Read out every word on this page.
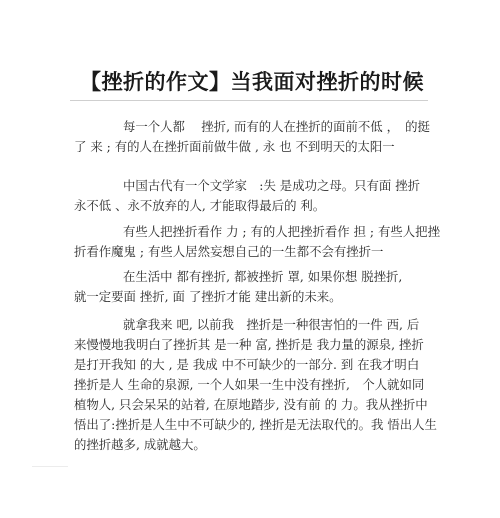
【挫折的作文】当我面对挫折的时候
每一个人都　 挫折, 而有的人在挫折的面前不低 ，　的挺
了 来 ; 有的人在挫折面前做牛做 , 永 也 不到明天的太阳一
中国古代有一个文学家　:失 是成功之母。只有面 挫折
永不低 、永不放弃的人, 才能取得最后的 利。
有些人把挫折看作 力 ; 有的人把挫折看作 担 ; 有些人把挫
折看作魔鬼 ; 有些人居然妄想自己的一生都不会有挫折一
在生活中 都有挫折, 都被挫折 罩, 如果你想 脱挫折,
就一定要面 挫折, 面 了挫折才能 建出新的未来。
就拿我来 吧, 以前我　挫折是一种很害怕的一件 西, 后
来慢慢地我明白了挫折其 是一种 富, 挫折是 我力量的源泉, 挫折
是打开我知 的大 , 是 我成 中不可缺少的一部分. 到 在我才明白
挫折是人 生命的泉源, 一个人如果一生中没有挫折,　个人就如同
植物人, 只会呆呆的站着, 在原地踏步, 没有前 的 力。我从挫折中
悟出了:挫折是人生中不可缺少的, 挫折是无法取代的。我 悟出人生
的挫折越多, 成就越大。
